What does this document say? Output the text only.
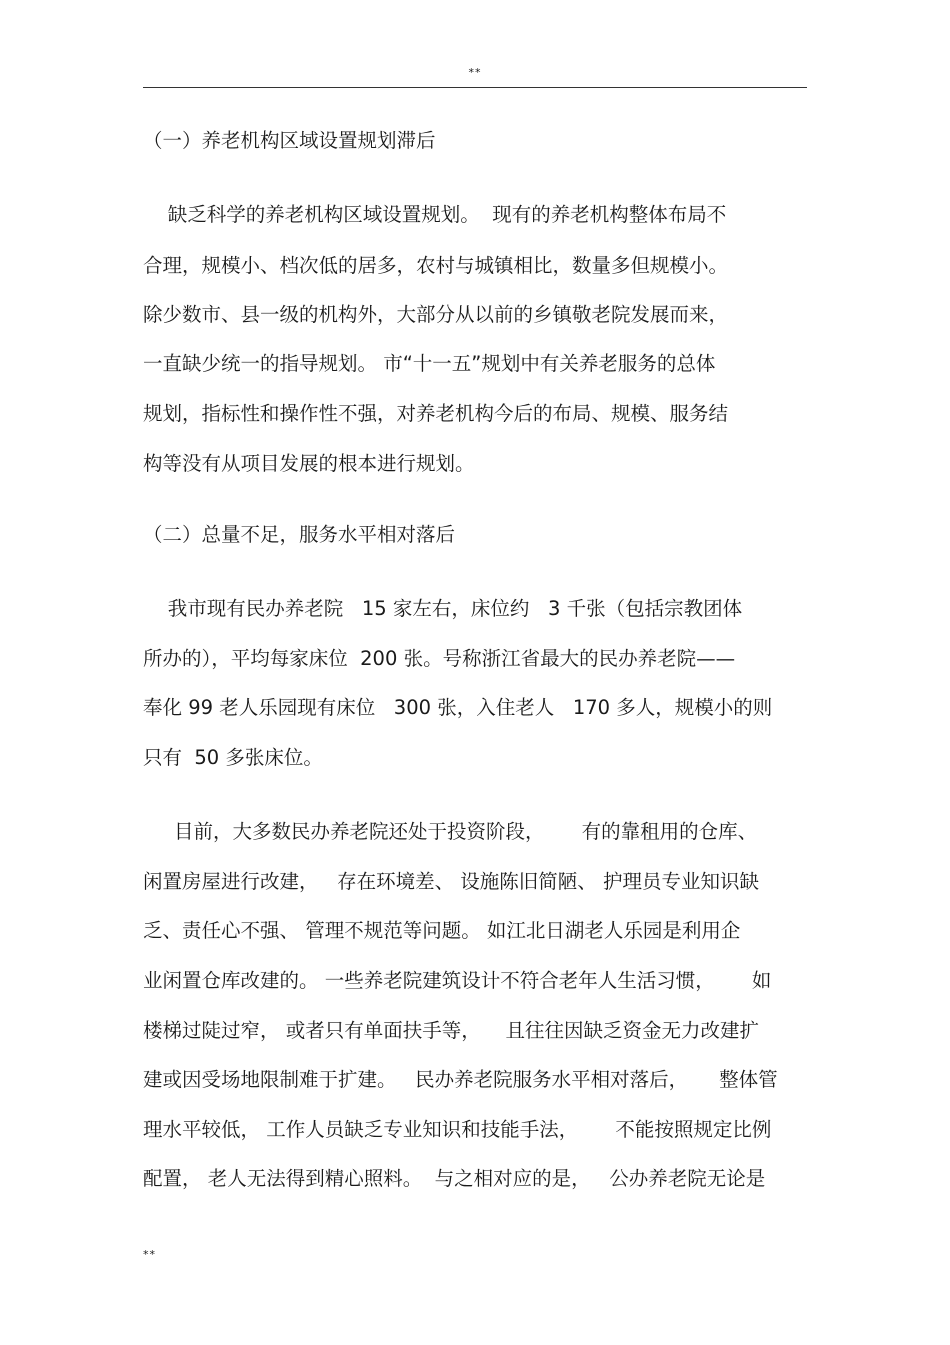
**
（一）养老机构区域设置规划滞后
缺乏科学的养老机构区域设置规划。  现有的养老机构整体布局不
合理，规模小、档次低的居多，农村与城镇相比，数量多但规模小。
除少数市、县一级的机构外，大部分从以前的乡镇敬老院发展而来，
一直缺少统一的指导规划。 市“十一五”规划中有关养老服务的总体
规划，指标性和操作性不强，对养老机构今后的布局、规模、服务结
构等没有从项目发展的根本进行规划。
（二）总量不足，服务水平相对落后
我市现有民办养老院   15 家左右，床位约   3 千张（包括宗教团体
所办的），平均每家床位  200 张。号称浙江省最大的民办养老院——
奉化 99 老人乐园现有床位   300 张，入住老人   170 多人，规模小的则
只有  50 多张床位。
目前，大多数民办养老院还处于投资阶段，      有的靠租用的仓库、
闲置房屋进行改建，   存在环境差、 设施陈旧简陋、 护理员专业知识缺
乏、责任心不强、 管理不规范等问题。 如江北日湖老人乐园是利用企
业闲置仓库改建的。 一些养老院建筑设计不符合老年人生活习惯，      如
楼梯过陡过窄， 或者只有单面扶手等，    且往往因缺乏资金无力改建扩
建或因受场地限制难于扩建。   民办养老院服务水平相对落后，     整体管
理水平较低， 工作人员缺乏专业知识和技能手法，      不能按照规定比例
配置， 老人无法得到精心照料。  与之相对应的是，   公办养老院无论是
**
